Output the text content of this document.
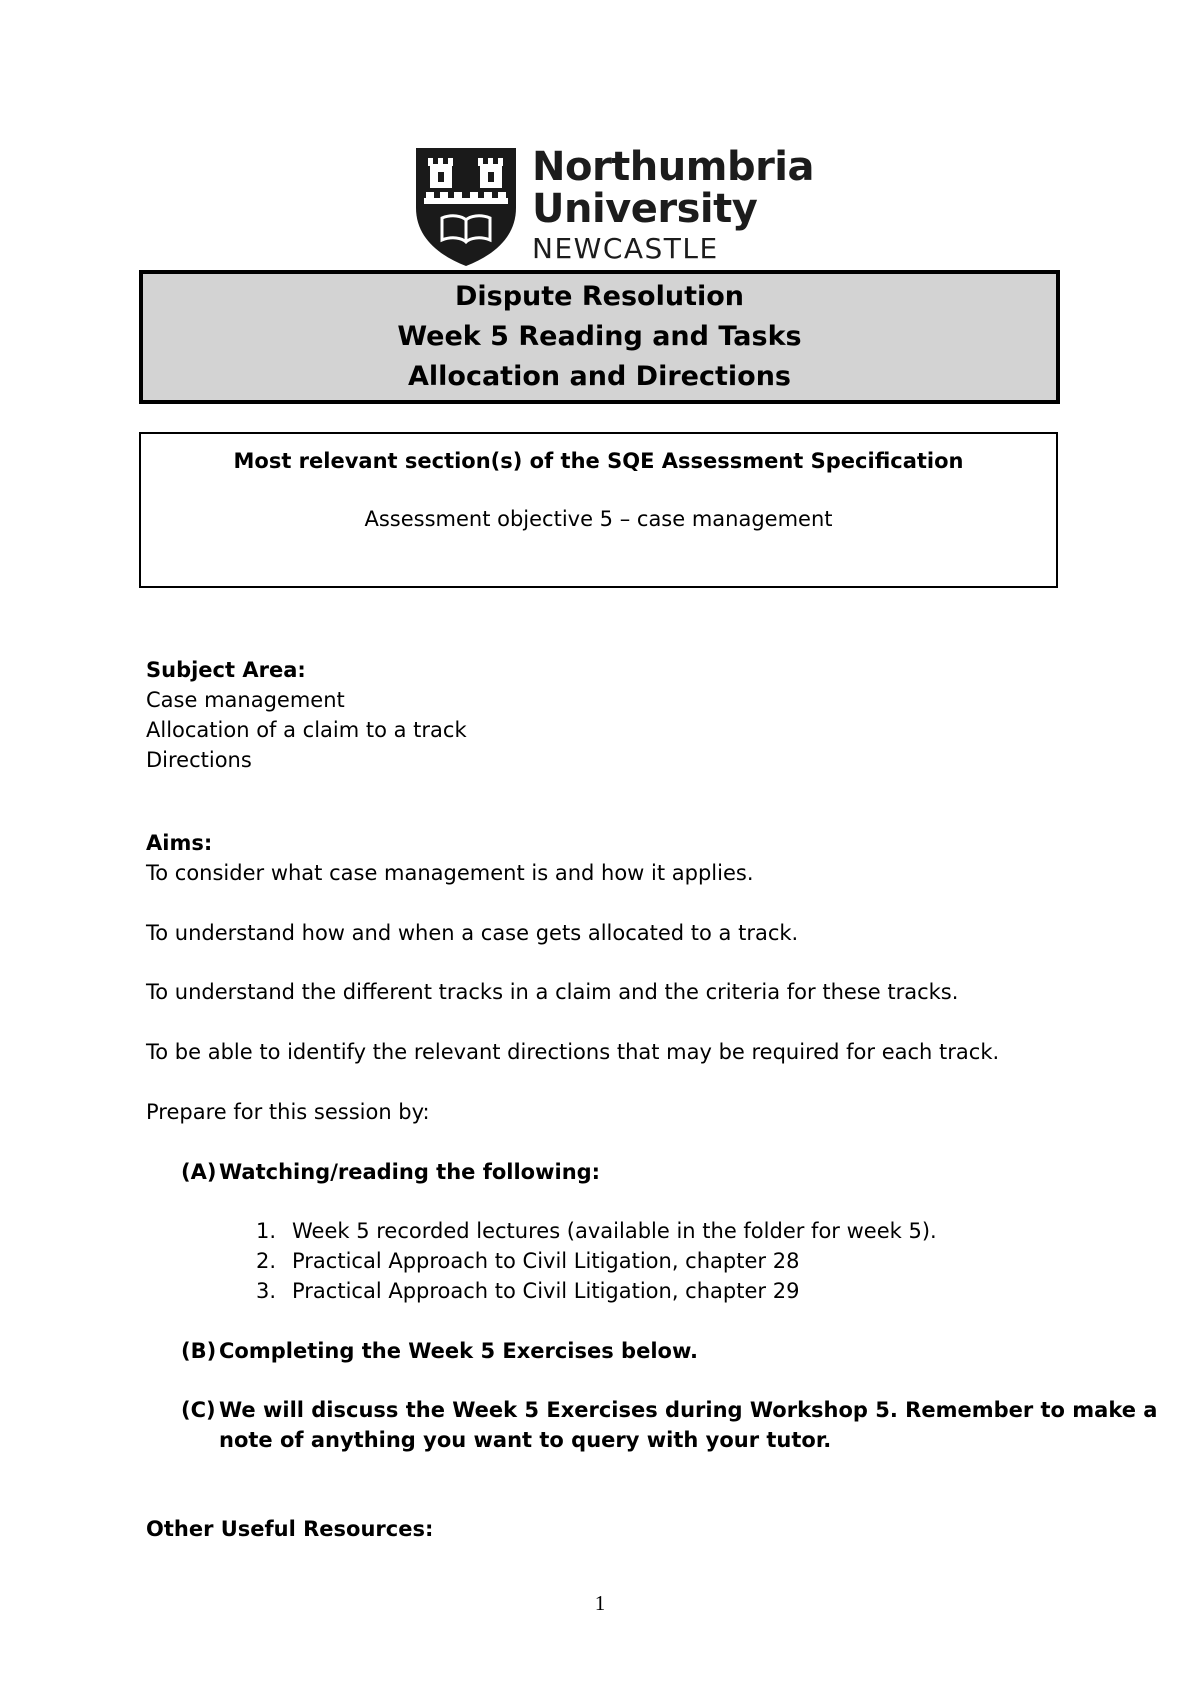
Northumbria
University
NEWCASTLE
Dispute Resolution
Week 5 Reading and Tasks
Allocation and Directions
Most relevant section(s) of the SQE Assessment Specification
Assessment objective 5 – case management
Subject Area:
Case management
Allocation of a claim to a track
Directions
Aims:
To consider what case management is and how it applies.
To understand how and when a case gets allocated to a track.
To understand the different tracks in a claim and the criteria for these tracks.
To be able to identify the relevant directions that may be required for each track.
Prepare for this session by:
(A) Watching/reading the following:
1. Week 5 recorded lectures (available in the folder for week 5).
2. Practical Approach to Civil Litigation, chapter 28
3. Practical Approach to Civil Litigation, chapter 29
(B) Completing the Week 5 Exercises below.
(C) We will discuss the Week 5 Exercises during Workshop 5. Remember to make a
note of anything you want to query with your tutor.
Other Useful Resources:
1
